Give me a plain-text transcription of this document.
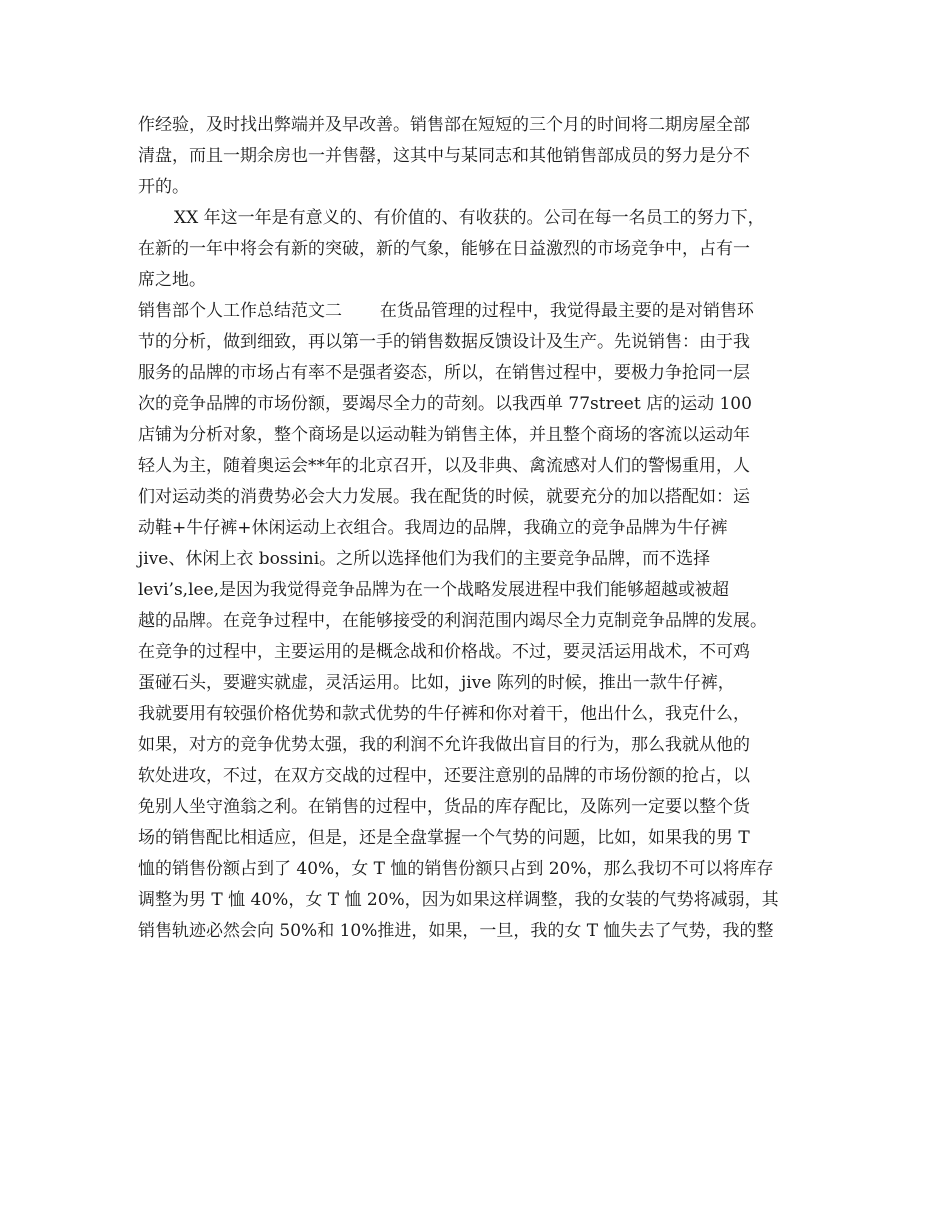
作经验，及时找出弊端并及早改善。销售部在短短的三个月的时间将二期房屋全部
清盘，而且一期余房也一并售罄，这其中与某同志和其他销售部成员的努力是分不
开的。
XX 年这一年是有意义的、有价值的、有收获的。公司在每一名员工的努力下，
在新的一年中将会有新的突破，新的气象，能够在日益激烈的市场竞争中，占有一
席之地。
销售部个人工作总结范文二       在货品管理的过程中，我觉得最主要的是对销售环
节的分析，做到细致，再以第一手的销售数据反馈设计及生产。先说销售：由于我
服务的品牌的市场占有率不是强者姿态，所以，在销售过程中，要极力争抢同一层
次的竞争品牌的市场份额，要竭尽全力的苛刻。以我西单 77street 店的运动 100
店铺为分析对象，整个商场是以运动鞋为销售主体，并且整个商场的客流以运动年
轻人为主，随着奥运会**年的北京召开，以及非典、禽流感对人们的警惕重用，人
们对运动类的消费势必会大力发展。我在配货的时候，就要充分的加以搭配如：运
动鞋+牛仔裤+休闲运动上衣组合。我周边的品牌，我确立的竞争品牌为牛仔裤
jive、休闲上衣 bossini。之所以选择他们为我们的主要竞争品牌，而不选择
levi’s,lee,是因为我觉得竞争品牌为在一个战略发展进程中我们能够超越或被超
越的品牌。在竞争过程中，在能够接受的利润范围内竭尽全力克制竞争品牌的发展。
在竞争的过程中，主要运用的是概念战和价格战。不过，要灵活运用战术，不可鸡
蛋碰石头，要避实就虚，灵活运用。比如，jive 陈列的时候，推出一款牛仔裤，
我就要用有较强价格优势和款式优势的牛仔裤和你对着干，他出什么，我克什么，
如果，对方的竞争优势太强，我的利润不允许我做出盲目的行为，那么我就从他的
软处进攻，不过，在双方交战的过程中，还要注意别的品牌的市场份额的抢占，以
免别人坐守渔翁之利。在销售的过程中，货品的库存配比，及陈列一定要以整个货
场的销售配比相适应，但是，还是全盘掌握一个气势的问题，比如，如果我的男 T
恤的销售份额占到了 40%，女 T 恤的销售份额只占到 20%，那么我切不可以将库存
调整为男 T 恤 40%，女 T 恤 20%，因为如果这样调整，我的女装的气势将减弱，其
销售轨迹必然会向 50%和 10%推进，如果，一旦，我的女 T 恤失去了气势，我的整
